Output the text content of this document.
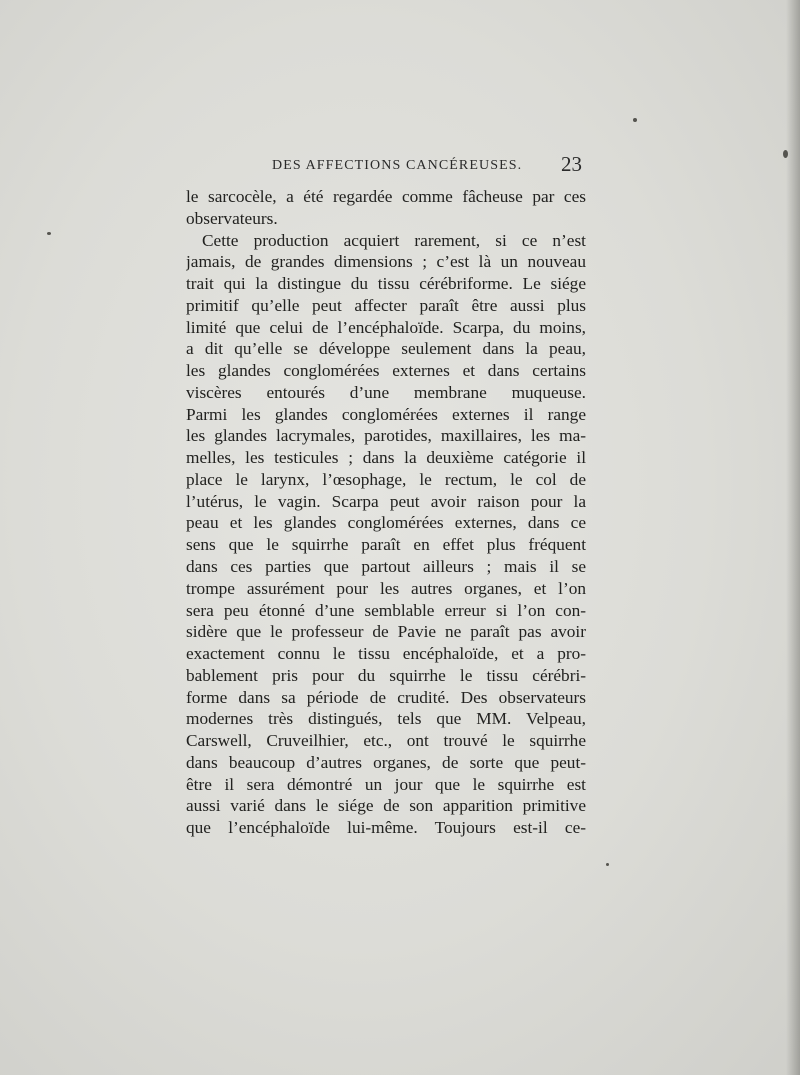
DES AFFECTIONS CANCÉREUSES. 23
le sarcocèle, a été regardée comme fâcheuse par ces
observateurs.
Cette production acquiert rarement, si ce n’est
jamais, de grandes dimensions ; c’est là un nouveau
trait qui la distingue du tissu cérébriforme. Le siége
primitif qu’elle peut affecter paraît être aussi plus
limité que celui de l’encéphaloïde. Scarpa, du moins,
a dit qu’elle se développe seulement dans la peau,
les glandes conglomérées externes et dans certains
viscères entourés d’une membrane muqueuse.
Parmi les glandes conglomérées externes il range
les glandes lacrymales, parotides, maxillaires, les ma-
melles, les testicules ; dans la deuxième catégorie il
place le larynx, l’œsophage, le rectum, le col de
l’utérus, le vagin. Scarpa peut avoir raison pour la
peau et les glandes conglomérées externes, dans ce
sens que le squirrhe paraît en effet plus fréquent
dans ces parties que partout ailleurs ; mais il se
trompe assurément pour les autres organes, et l’on
sera peu étonné d’une semblable erreur si l’on con-
sidère que le professeur de Pavie ne paraît pas avoir
exactement connu le tissu encéphaloïde, et a pro-
bablement pris pour du squirrhe le tissu cérébri-
forme dans sa période de crudité. Des observateurs
modernes très distingués, tels que MM. Velpeau,
Carswell, Cruveilhier, etc., ont trouvé le squirrhe
dans beaucoup d’autres organes, de sorte que peut-
être il sera démontré un jour que le squirrhe est
aussi varié dans le siége de son apparition primitive
que l’encéphaloïde lui-même. Toujours est-il ce-
